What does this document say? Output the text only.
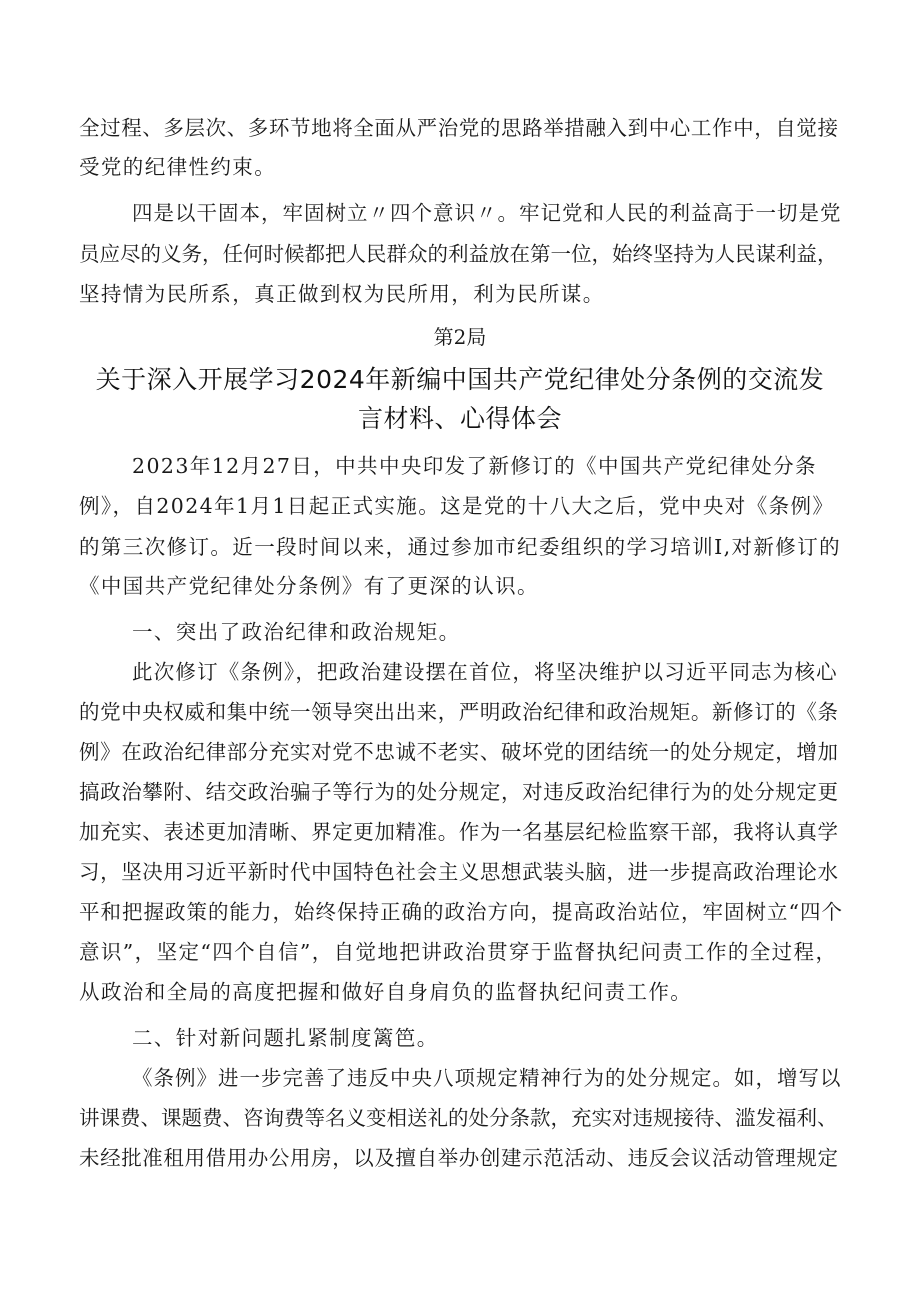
全过程、多层次、多环节地将全面从严治党的思路举措融入到中心工作中，自觉接
受党的纪律性约束。
四是以干固本，牢固树立〃四个意识〃。牢记党和人民的利益高于一切是党
员应尽的义务，任何时候都把人民群众的利益放在第一位，始终坚持为人民谋利益，
坚持情为民所系，真正做到权为民所用，利为民所谋。
第2局
关于深入开展学习2024年新编中国共产党纪律处分条例的交流发
言材料、心得体会
2023年12月27日，中共中央印发了新修订的《中国共产党纪律处分条
例》，自2024年1月1日起正式实施。这是党的十八大之后，党中央对《条例》
的第三次修订。近一段时间以来，通过参加市纪委组织的学习培训I,对新修订的
《中国共产党纪律处分条例》有了更深的认识。
一、突出了政治纪律和政治规矩。
此次修订《条例》，把政治建设摆在首位，将坚决维护以习近平同志为核心
的党中央权威和集中统一领导突出出来，严明政治纪律和政治规矩。新修订的《条
例》在政治纪律部分充实对党不忠诚不老实、破坏党的团结统一的处分规定，增加
搞政治攀附、结交政治骗子等行为的处分规定，对违反政治纪律行为的处分规定更
加充实、表述更加清晰、界定更加精准。作为一名基层纪检监察干部，我将认真学
习，坚决用习近平新时代中国特色社会主义思想武装头脑，进一步提高政治理论水
平和把握政策的能力，始终保持正确的政治方向，提高政治站位，牢固树立“四个
意识”，坚定“四个自信”，自觉地把讲政治贯穿于监督执纪问责工作的全过程，
从政治和全局的高度把握和做好自身肩负的监督执纪问责工作。
二、针对新问题扎紧制度篱笆。
《条例》进一步完善了违反中央八项规定精神行为的处分规定。如，增写以
讲课费、课题费、咨询费等名义变相送礼的处分条款，充实对违规接待、滥发福利、
未经批准租用借用办公用房，以及擅自举办创建示范活动、违反会议活动管理规定
